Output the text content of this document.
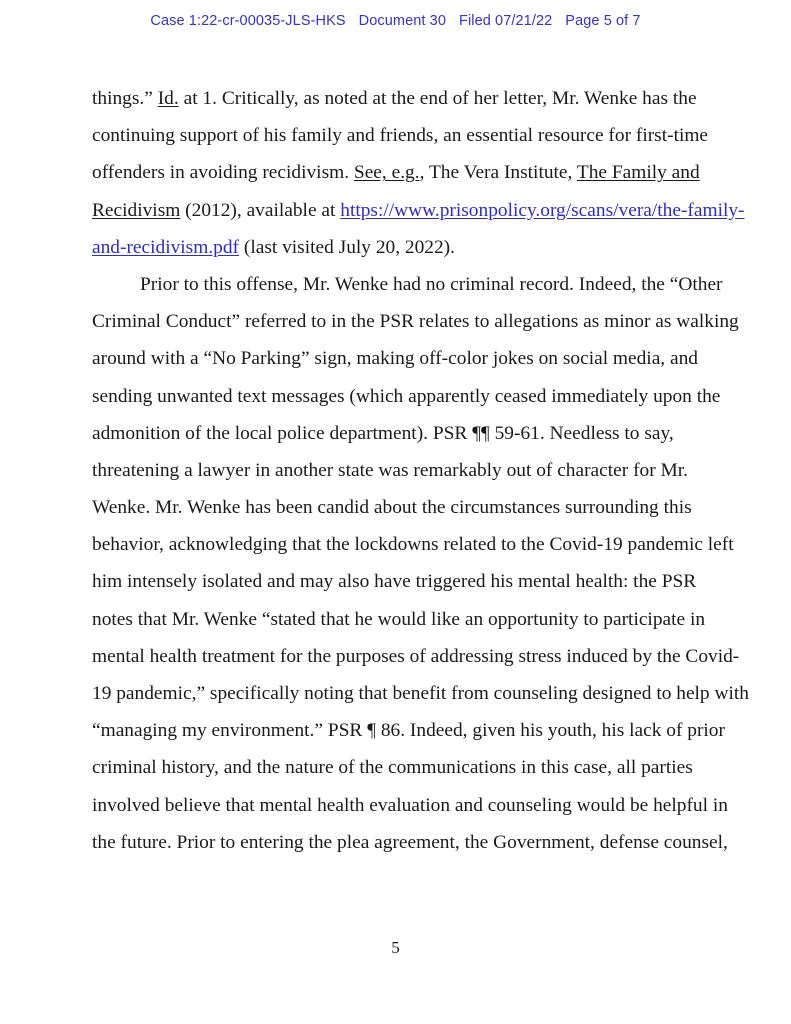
Case 1:22-cr-00035-JLS-HKS Document 30 Filed 07/21/22 Page 5 of 7
things.” Id. at 1. Critically, as noted at the end of her letter, Mr. Wenke has the
continuing support of his family and friends, an essential resource for first-time
offenders in avoiding recidivism. See, e.g., The Vera Institute, The Family and
Recidivism (2012), available at https://www.prisonpolicy.org/scans/vera/the-family-
and-recidivism.pdf (last visited July 20, 2022).
Prior to this offense, Mr. Wenke had no criminal record. Indeed, the “Other
Criminal Conduct” referred to in the PSR relates to allegations as minor as walking
around with a “No Parking” sign, making off-color jokes on social media, and
sending unwanted text messages (which apparently ceased immediately upon the
admonition of the local police department). PSR ¶¶ 59-61. Needless to say,
threatening a lawyer in another state was remarkably out of character for Mr.
Wenke. Mr. Wenke has been candid about the circumstances surrounding this
behavior, acknowledging that the lockdowns related to the Covid-19 pandemic left
him intensely isolated and may also have triggered his mental health: the PSR
notes that Mr. Wenke “stated that he would like an opportunity to participate in
mental health treatment for the purposes of addressing stress induced by the Covid-
19 pandemic,” specifically noting that benefit from counseling designed to help with
“managing my environment.” PSR ¶ 86. Indeed, given his youth, his lack of prior
criminal history, and the nature of the communications in this case, all parties
involved believe that mental health evaluation and counseling would be helpful in
the future. Prior to entering the plea agreement, the Government, defense counsel,
5
